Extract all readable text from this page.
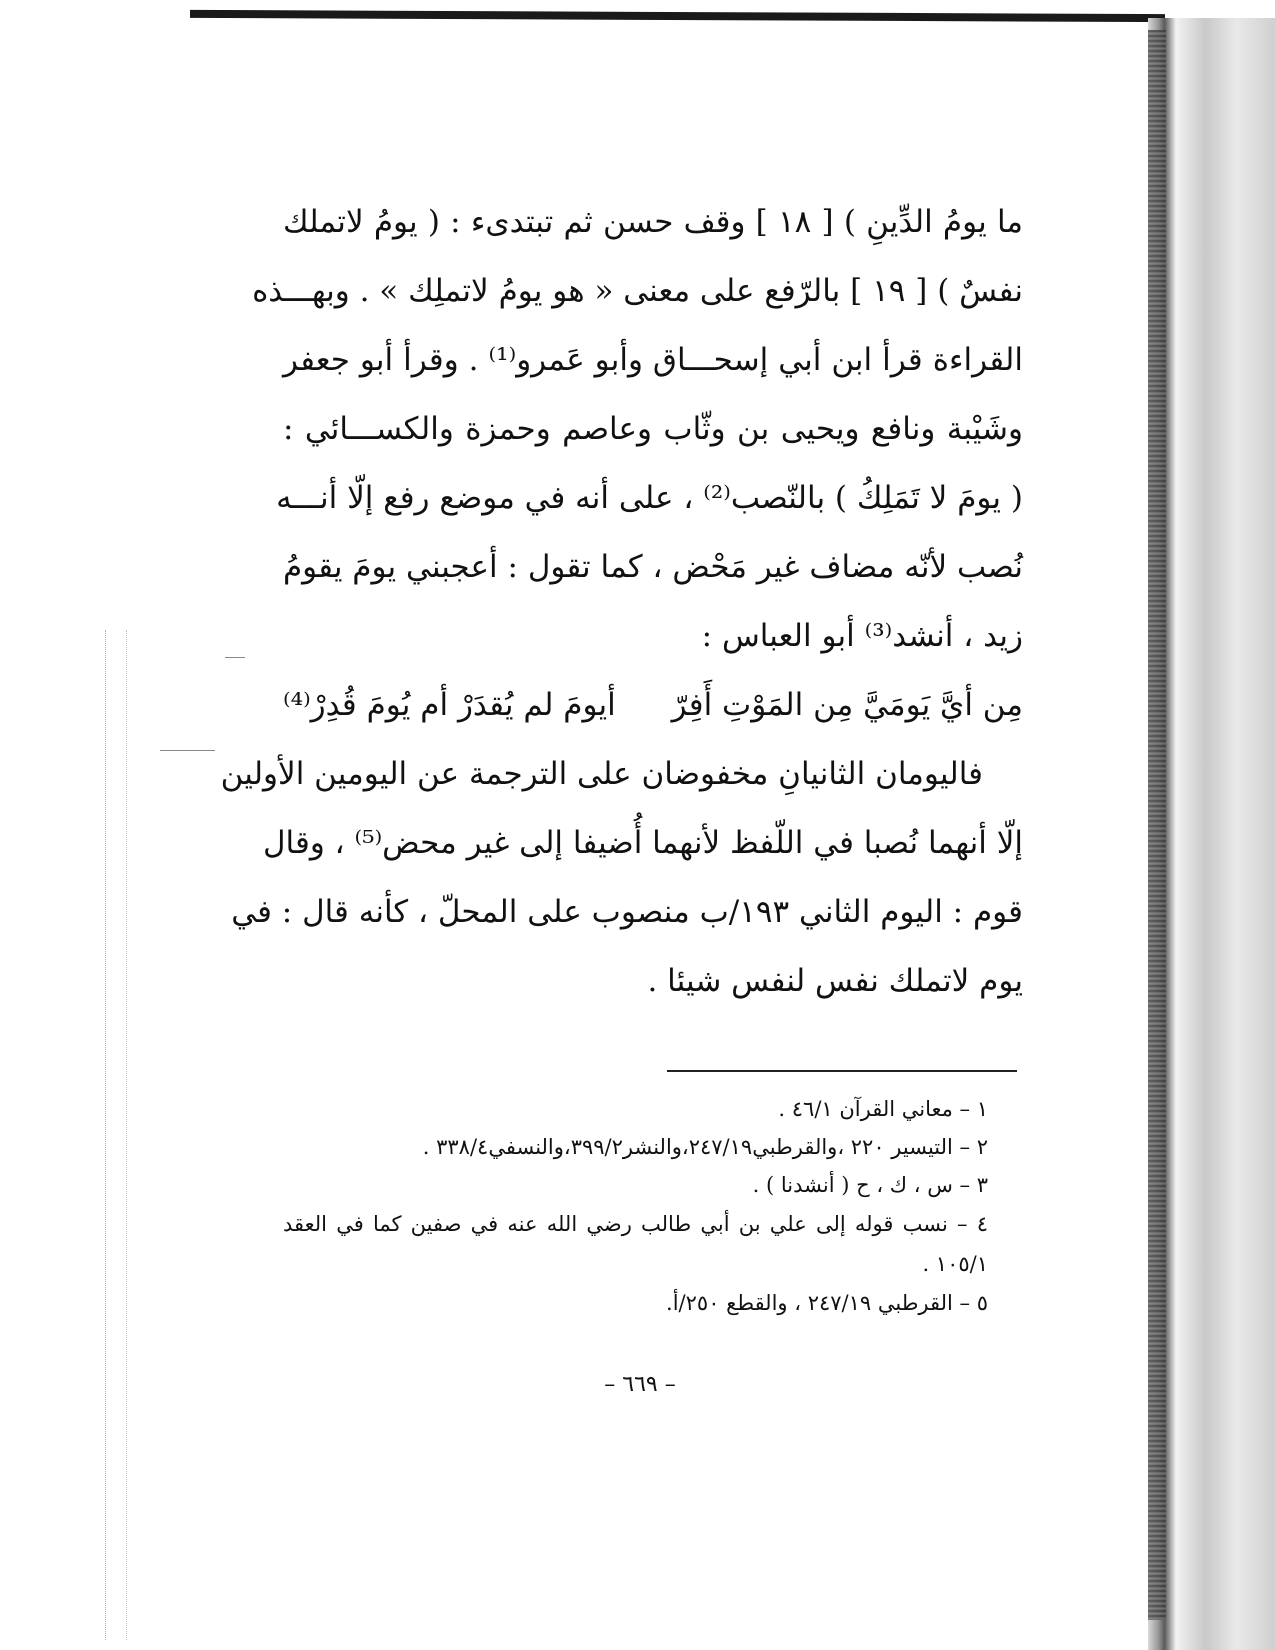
ما يومُ الدِّينِ ) [ ١٨ ] وقف حسن ثم تبتدىء : ( يومُ لاتملك
نفسٌ ) [ ١٩ ] بالرّفع على معنى « هو يومُ لاتملِك » . وبهـــذه
القراءة قرأ ابن أبي إسحـــاق وأبو عَمرو⁽¹⁾ . وقرأ أبو جعفر
وشَيْبة ونافع ويحيى بن وثّاب وعاصم وحمزة والكســـائي :
( يومَ لا تَمَلِكُ ) بالنّصب⁽²⁾ ، على أنه في موضع رفع إلّا أنـــه
نُصب لأنّه مضاف غير مَحْض ، كما تقول : أعجبني يومَ يقومُ
زيد ، أنشد⁽³⁾ أبو العباس :
مِن أيَّ يَومَيَّ مِن المَوْتِ أَفِرّ
أيومَ لم يُقدَرْ أم يُومَ قُدِرْ⁽⁴⁾
فاليومان الثانيانِ مخفوضان على الترجمة عن اليومين الأولين
إلّا أنهما نُصبا في اللّفظ لأنهما أُضيفا إلى غير محض⁽⁵⁾ ، وقال
قوم : اليوم الثاني ١٩٣/ب منصوب على المحلّ ، كأنه قال : في
يوم لاتملك نفس لنفس شيئا .
١ – معاني القرآن ٤٦/١ .
٢ – التيسير ٢٢٠ ،والقرطبي٢٤٧/١٩،والنشر٣٩٩/٢،والنسفي٣٣٨/٤ .
٣ – س ، ك ، ح ( أنشدنا ) .
٤ – نسب قوله إلى علي بن أبي طالب رضي الله عنه في صفين كما في العقد ١٠٥/١ .
٥ – القرطبي ٢٤٧/١٩ ، والقطع ٢٥٠/أ.
– ٦٦٩ –
